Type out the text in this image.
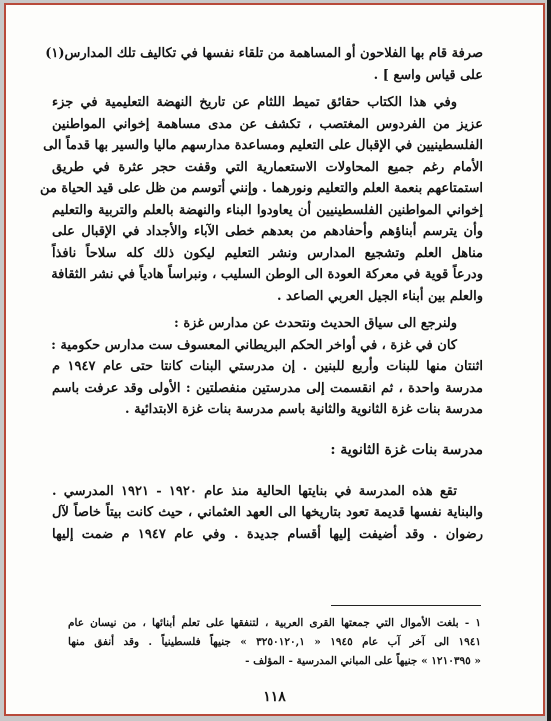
صرفة قام بها الفلاحون أو المساهمة من تلقاء نفسها في تكاليف تلك المدارس(١)
على قياس واسع ] .
وفي هذا الكتاب حقائق تميط اللثام عن تاريخ النهضة التعليمية في جزء
عزيز من الفردوس المغتصب ، تكشف عن مدى مساهمة إخواني المواطنين
الفلسطينيين في الإقبال على التعليم ومساعدة مدارسهم ماليا والسير بها قدماً الى
الأمام رغم جميع المحاولات الاستعمارية التي وقفت حجر عثرة في طريق
استمتاعهم بنعمة العلم والتعليم ونورهما . وإنني أتوسم من ظل على قيد الحياة من
إخواني المواطنين الفلسطينيين أن يعاودوا البناء والنهضة بالعلم والتربية والتعليم
وأن يترسم أبناؤهم وأحفادهم من بعدهم خطى الآباء والأجداد في الإقبال على
مناهل العلم وتشجيع المدارس ونشر التعليم ليكون ذلك كله سلاحاً نافذاً
ودرعاً قوية في معركة العودة الى الوطن السليب ، ونبراساً هادياً في نشر الثقافة
والعلم بين أبناء الجيل العربي الصاعد .
ولنرجع الى سياق الحديث ونتحدث عن مدارس غزة :
كان في غزة ، في أواخر الحكم البريطاني المعسوف ست مدارس حكومية :
اثنتان منها للبنات وأربع للبنين . إن مدرستي البنات كانتا حتى عام ١٩٤٧ م
مدرسة واحدة ، ثم انقسمت إلى مدرستين منفصلتين : الأولى وقد عرفت باسم
مدرسة بنات غزة الثانوية والثانية باسم مدرسة بنات غزة الابتدائية .
مدرسة بنات غزة الثانوية :
تقع هذه المدرسة في بنايتها الحالية منذ عام ١٩٢٠ - ١٩٢١ المدرسي .
والبناية نفسها قديمة تعود بتاريخها الى العهد العثماني ، حيث كانت بيتاً خاصاً لآل
رضوان . وقد أضيفت إليها أقسام جديدة . وفي عام ١٩٤٧ م ضمت إليها
١ - بلغت الأموال التي جمعتها القرى العربية ، لتنفقها على تعلم أبنائها ، من نيسان عام
١٩٤١ الى آخر آب عام ١٩٤٥ « ٣٢٥٠١٢٠,١ » جنيهاً فلسطينياً . وقد أنفق منها
« ١٢١٠٣٩٥ » جنيهاً على المباني المدرسية - المؤلف -
١١٨
